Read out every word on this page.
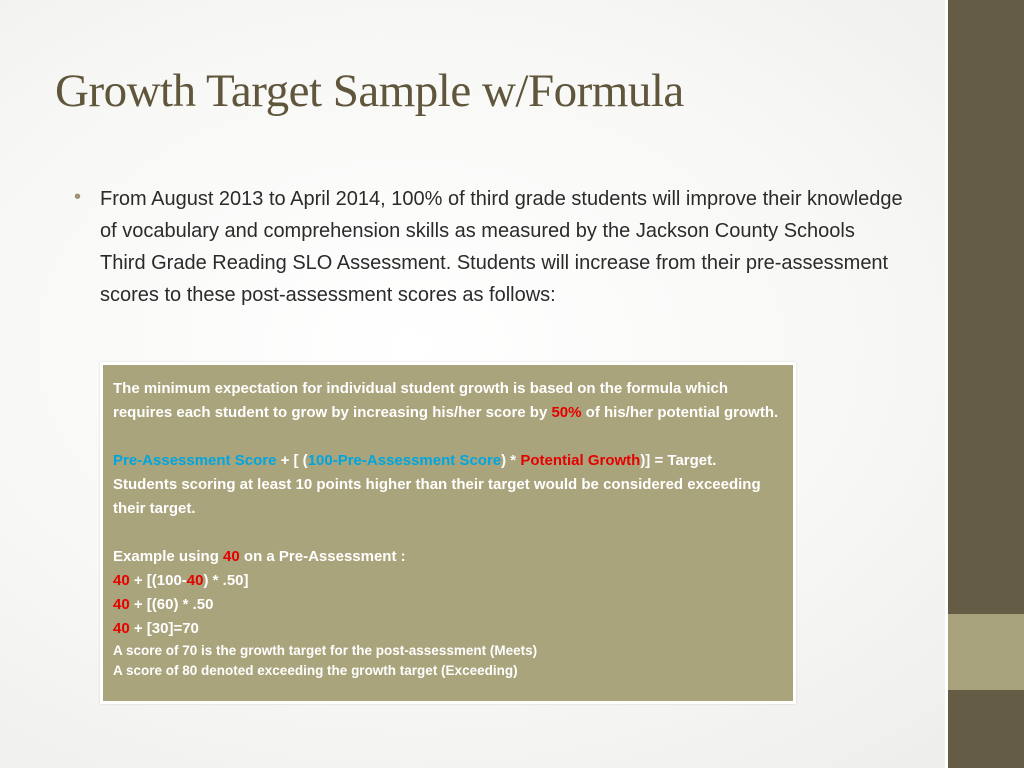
Growth Target Sample w/Formula
• From August 2013 to April 2014, 100% of third grade students will improve their knowledge of vocabulary and comprehension skills as measured by the Jackson County Schools Third Grade Reading SLO Assessment. Students will increase from their pre-assessment scores to these post-assessment scores as follows:

The minimum expectation for individual student growth is based on the formula which requires each student to grow by increasing his/her score by 50% of his/her potential growth.

Pre-Assessment Score + [ (100-Pre-Assessment Score) * Potential Growth)] = Target. Students scoring at least 10 points higher than their target would be considered exceeding their target.

Example using 40 on a Pre-Assessment :

40 + [(100-40) * .50]

40 + [(60) * .50

40 + [30]=70

A score of 70 is the growth target for the post-assessment (Meets)

A score of 80 denoted exceeding the growth target (Exceeding)
